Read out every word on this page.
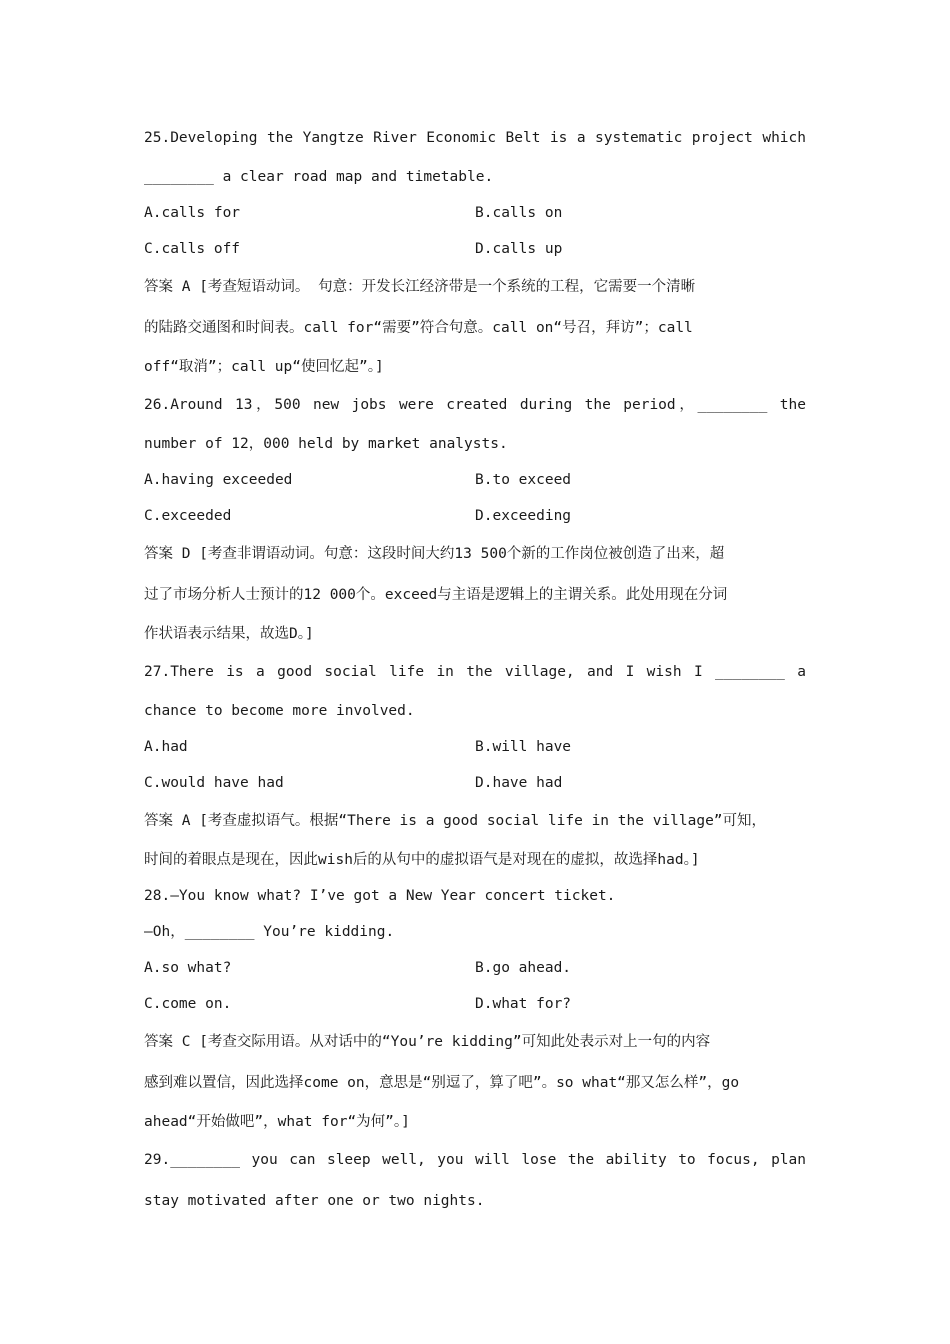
25.Developing the Yangtze River Economic Belt is a systematic project which
________ a clear road map and timetable.
A.calls for	B.calls on
C.calls off	D.calls up
答案 A [考查短语动词。 句意：开发长江经济带是一个系统的工程，它需要一个清晰
的陆路交通图和时间表。call for“需要”符合句意。call on“号召，拜访”；call
off“取消”；call up“使回忆起”。]
26.Around 13，500 new jobs were created during the period，________ the
number of 12，000 held by market analysts.
A.having exceeded	B.to exceed
C.exceeded	D.exceeding
答案 D [考查非谓语动词。句意：这段时间大约13 500个新的工作岗位被创造了出来，超
过了市场分析人士预计的12 000个。exceed与主语是逻辑上的主谓关系。此处用现在分词
作状语表示结果，故选D。]
27.There is a good social life in the village, and I wish I ________ a
chance to become more involved.
A.had	B.will have
C.would have had	D.have had
答案 A [考查虚拟语气。根据“There is a good social life in the village”可知，
时间的着眼点是现在，因此wish后的从句中的虚拟语气是对现在的虚拟，故选择had。]
28.—You know what? I’ve got a New Year concert ticket.
—Oh，________ You’re kidding.
A.so what?	B.go ahead.
C.come on.	D.what for?
答案 C [考查交际用语。从对话中的“You’re kidding”可知此处表示对上一句的内容
感到难以置信，因此选择come on，意思是“别逗了，算了吧”。so what“那又怎么样”，go
ahead“开始做吧”，what for“为何”。]
29.________ you can sleep well, you will lose the ability to focus, plan
stay motivated after one or two nights.
